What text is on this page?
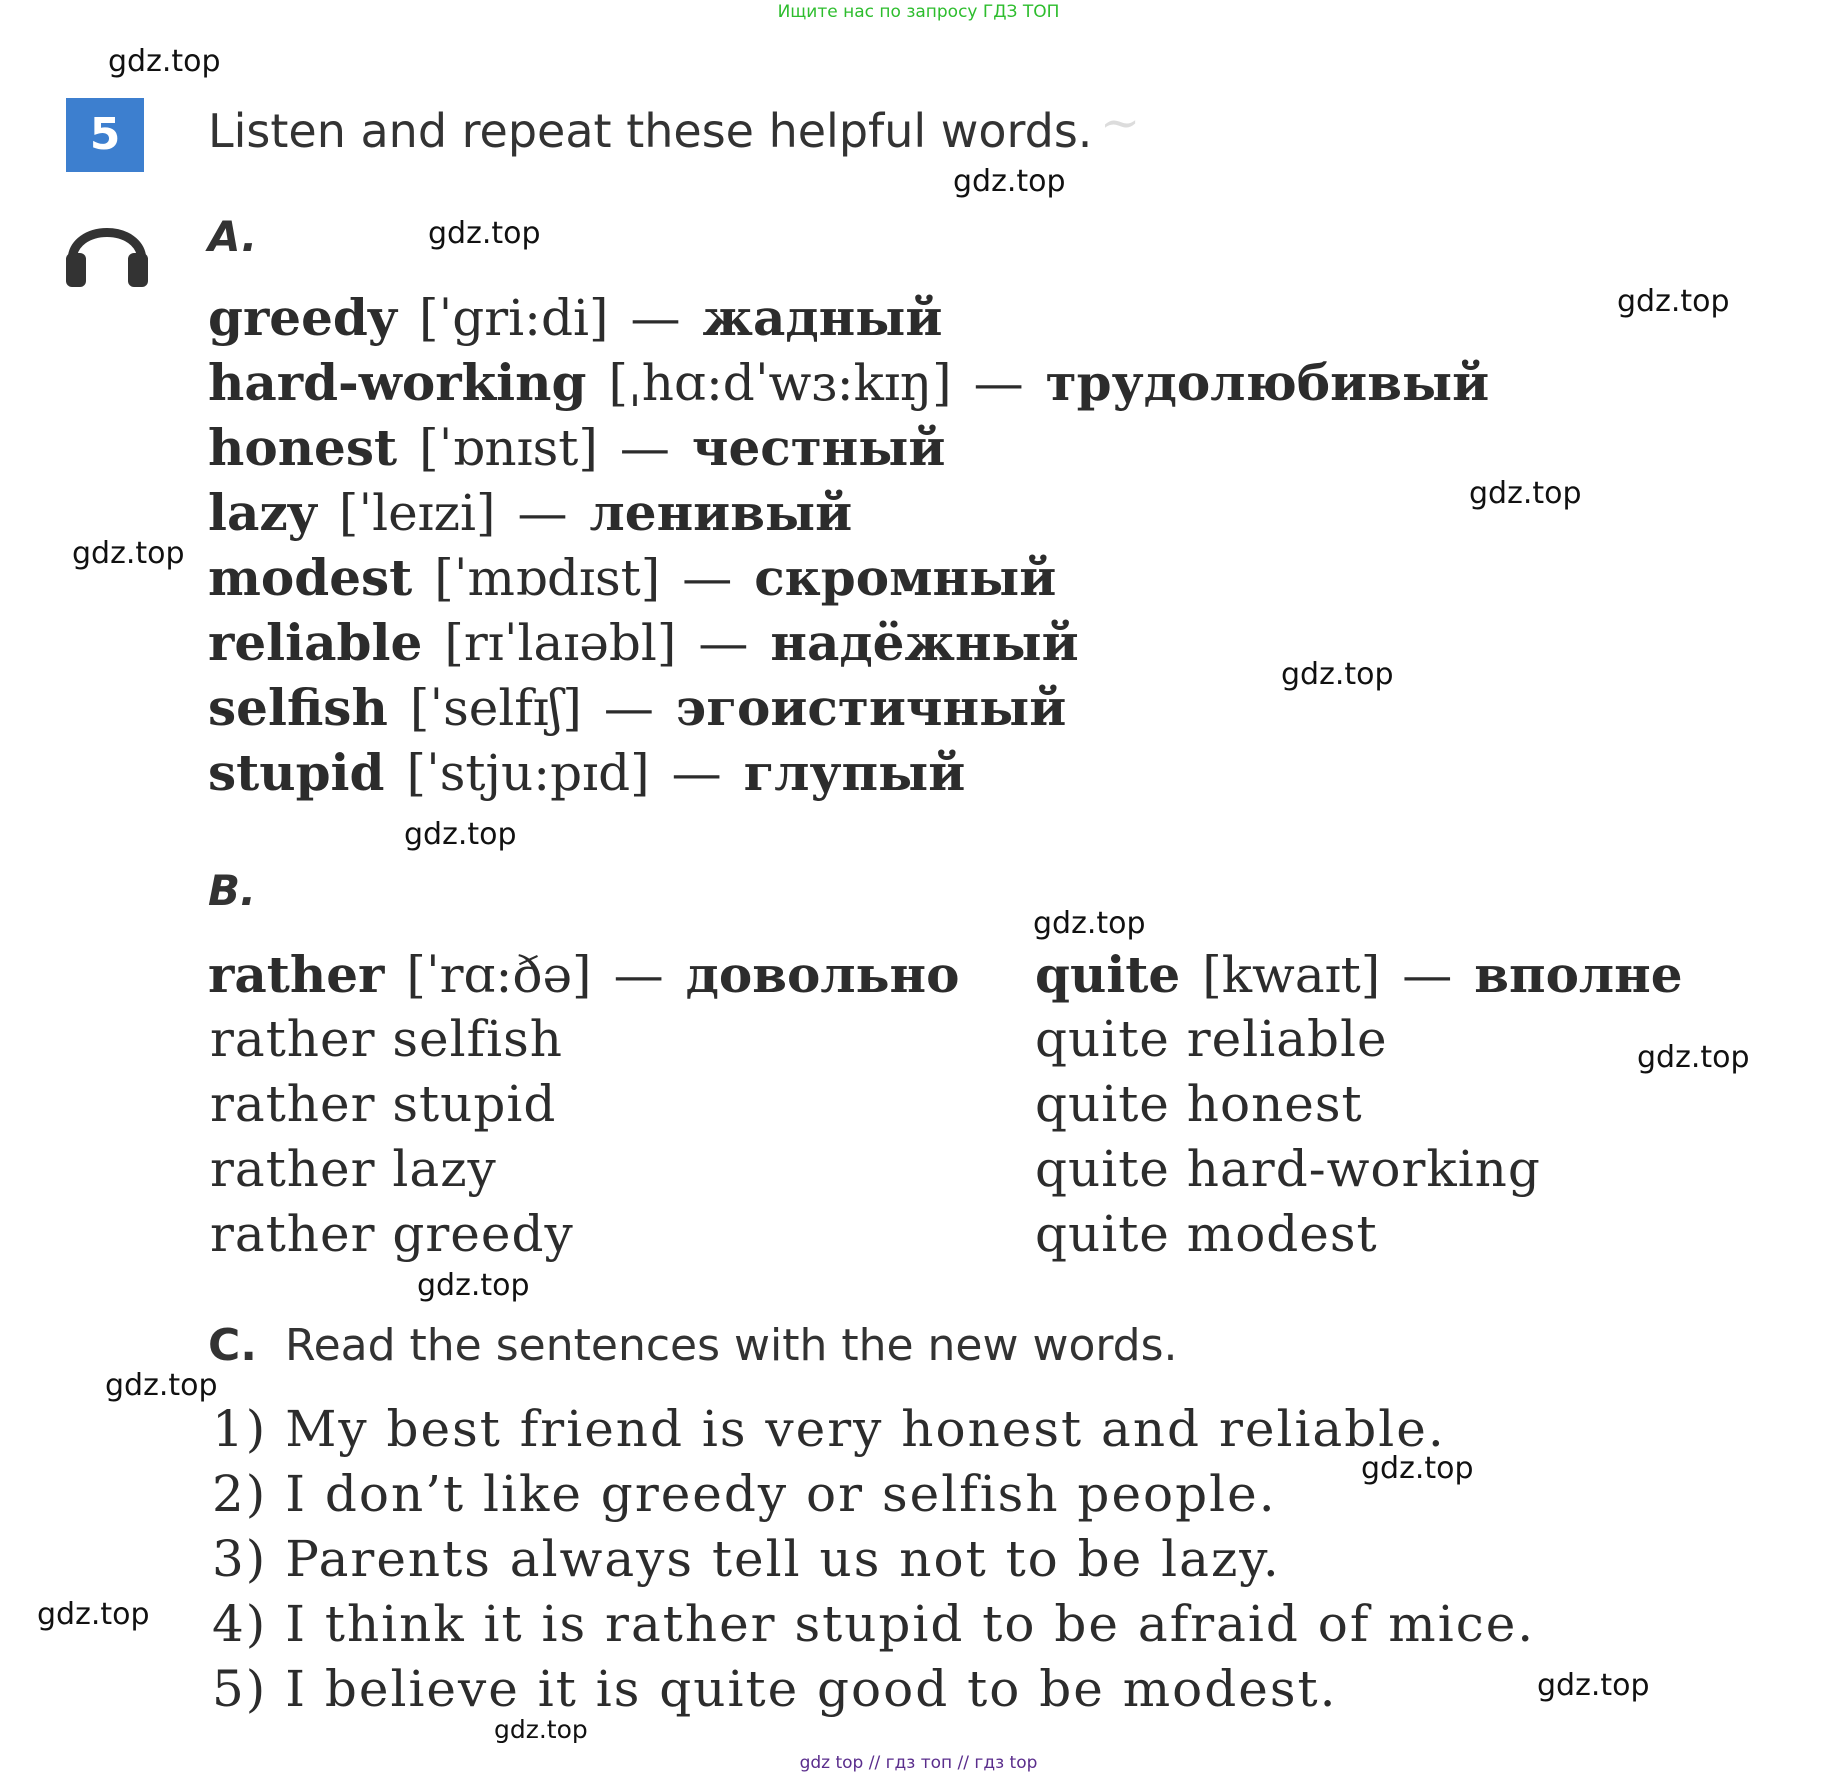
~
Ищите нас по запросу ГДЗ ТОП
5	Listen and repeat these helpful words.
A.
greedy [ˈgri:di] — жадный
hard-working [ˌhɑ:dˈwɜ:kɪŋ] — трудолюбивый
honest [ˈɒnɪst] — честный
lazy [ˈleɪzi] — ленивый
modest [ˈmɒdɪst] — скромный
reliable [rɪˈlaɪəbl] — надёжный
selfish [ˈselfɪʃ] — эгоистичный
stupid [ˈstju:pɪd] — глупый
B.
rather [ˈrɑ:ðə] — довольно quite [kwaɪt] — вполне
rather selfish
rather stupid
rather lazy
rather greedy
quite reliable
quite honest
quite hard-working
quite modest
C. Read the sentences with the new words.
1) My best friend is very honest and reliable.
2) I don’t like greedy or selfish people.
3) Parents always tell us not to be lazy.
4) I think it is rather stupid to be afraid of mice.
5) I believe it is quite good to be modest.
gdz.top
gdz.top
gdz.top
gdz.top
gdz.top
gdz.top
gdz.top
gdz.top
gdz.top
gdz.top
gdz.top
gdz.top
gdz.top
gdz.top
gdz.top
gdz.top
gdz top // гдз топ // гдз top
